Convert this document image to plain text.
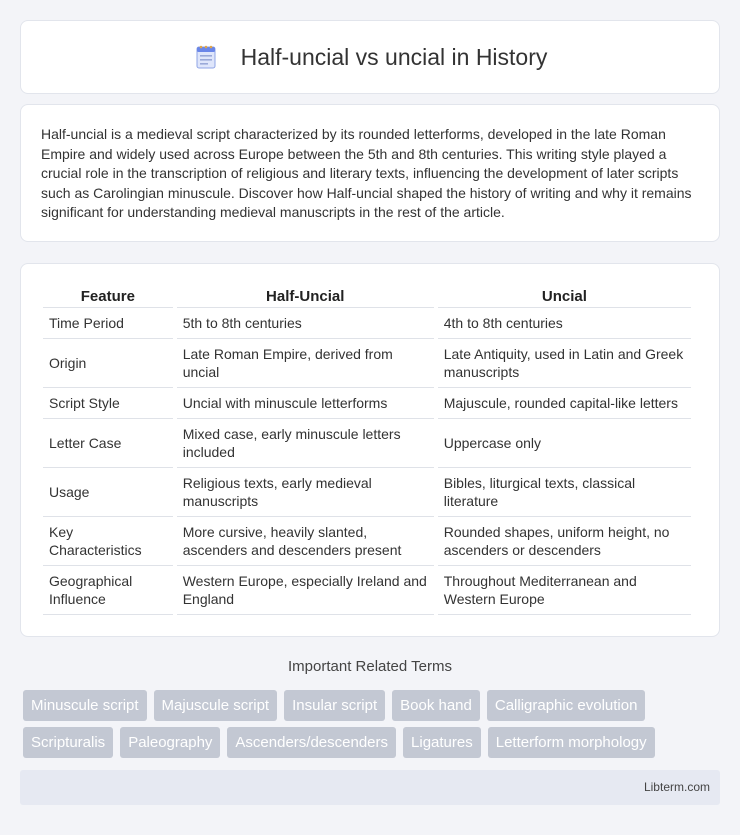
Half-uncial vs uncial in History

Half-uncial is a medieval script characterized by its rounded letterforms, developed in the late Roman Empire and widely used across Europe between the 5th and 8th centuries. This writing style played a crucial role in the transcription of religious and literary texts, influencing the development of later scripts such as Carolingian minuscule. Discover how Half-uncial shaped the history of writing and why it remains significant for understanding medieval manuscripts in the rest of the article.

Feature	Half-Uncial	Uncial
Time Period	5th to 8th centuries	4th to 8th centuries
Origin	Late Roman Empire, derived from uncial	Late Antiquity, used in Latin and Greek manuscripts
Script Style	Uncial with minuscule letterforms	Majuscule, rounded capital-like letters
Letter Case	Mixed case, early minuscule letters included	Uppercase only
Usage	Religious texts, early medieval manuscripts	Bibles, liturgical texts, classical literature
Key Characteristics	More cursive, heavily slanted, ascenders and descenders present	Rounded shapes, uniform height, no ascenders or descenders
Geographical Influence	Western Europe, especially Ireland and England	Throughout Mediterranean and Western Europe
Important Related Terms
Minuscule script	Majuscule script	Insular script	Book hand	Calligraphic evolution
Scripturalis	Paleography	Ascenders/descenders	Ligatures	Letterform morphology
Libterm.com
